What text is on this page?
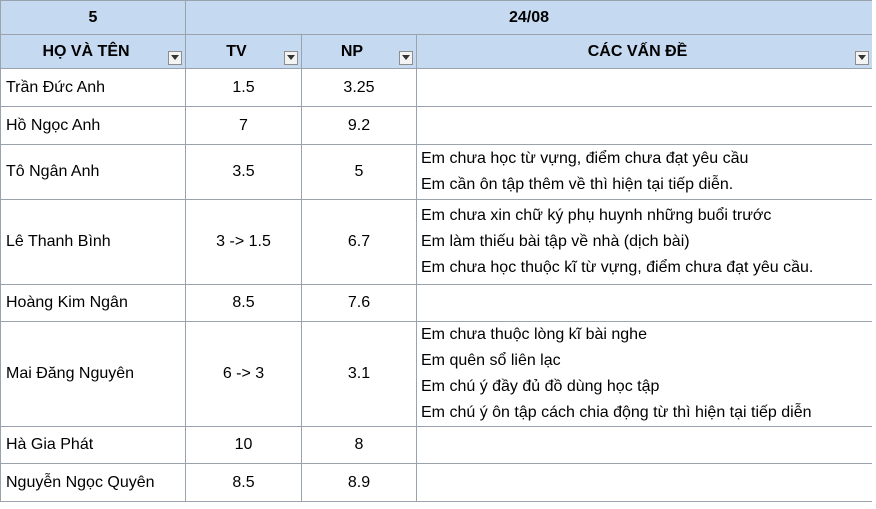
5	24/08		
HỌ VÀ TÊN	TV	NP	CÁC VẤN ĐỀ

Trần Đức Anh	1.5	3.25	
Hồ Ngọc Anh	7	9.2	
Tô Ngân Anh	3.5	5	Em chưa học từ vựng, điểm chưa đạt yêu cầu
Em cần ôn tập thêm về thì hiện tại tiếp diễn.

Lê Thanh Bình	3 -> 1.5	6.7	Em chưa xin chữ ký phụ huynh những buổi trước
Em làm thiếu bài tập về nhà (dịch bài)
Em chưa học thuộc kĩ từ vựng, điểm chưa đạt yêu cầu.

Hoàng Kim Ngân	8.5	7.6	
Mai Đăng Nguyên	6 -> 3	3.1	Em chưa thuộc lòng kĩ bài nghe
Em quên sổ liên lạc
Em chú ý đầy đủ đồ dùng học tập
Em chú ý ôn tập cách chia động từ thì hiện tại tiếp diễn

Hà Gia Phát	10	8	
Nguyễn Ngọc Quyên	8.5	8.9	
